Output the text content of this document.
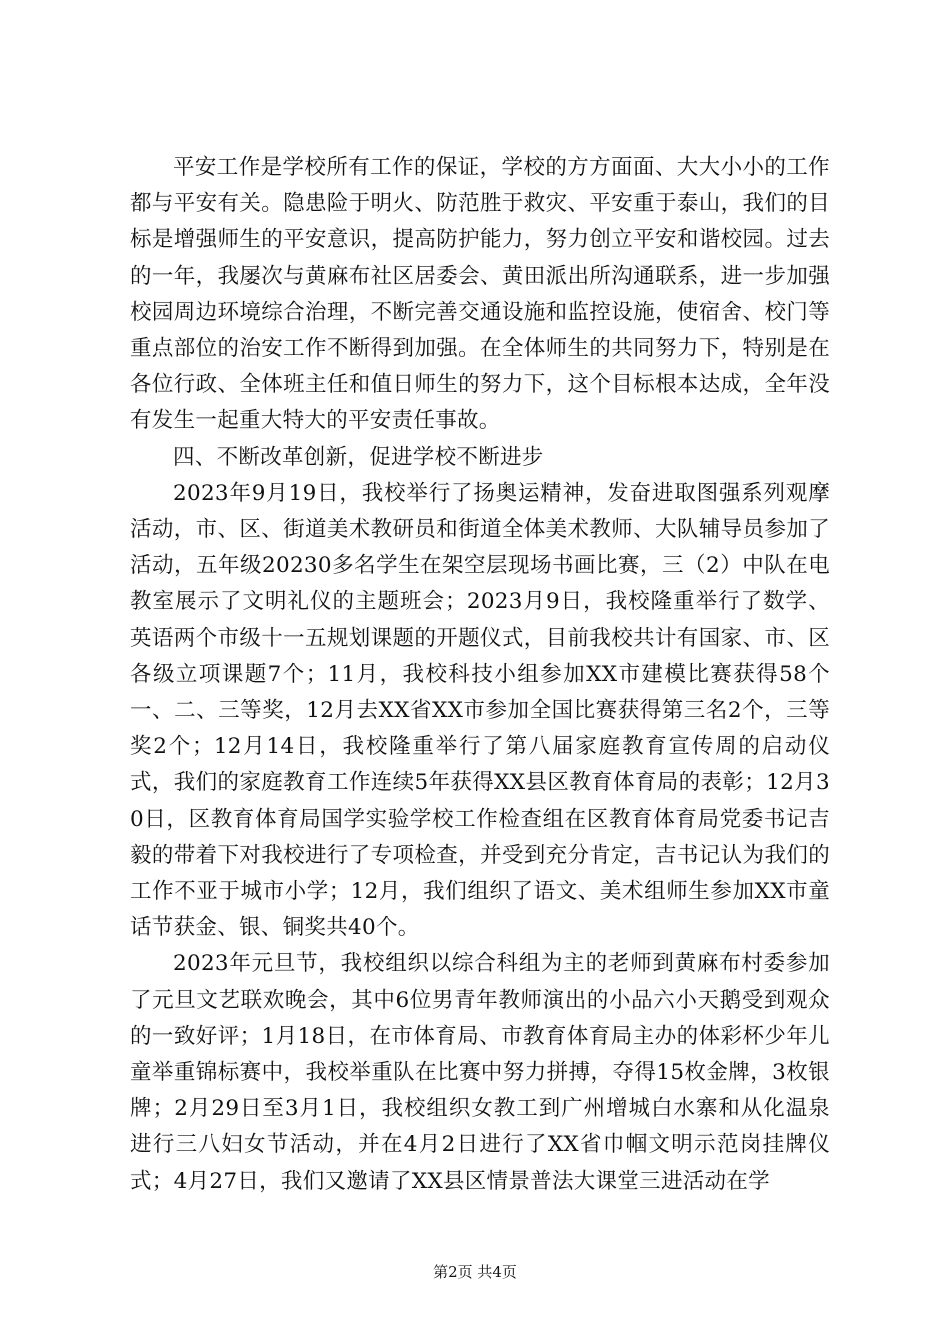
平安工作是学校所有工作的保证，学校的方方面面、大大小小的工作都与平安有关。隐患险于明火、防范胜于救灾、平安重于泰山，我们的目标是增强师生的平安意识，提高防护能力，努力创立平安和谐校园。过去的一年，我屡次与黄麻布社区居委会、黄田派出所沟通联系，进一步加强校园周边环境综合治理，不断完善交通设施和监控设施，使宿舍、校门等重点部位的治安工作不断得到加强。在全体师生的共同努力下，特别是在各位行政、全体班主任和值日师生的努力下，这个目标根本达成，全年没有发生一起重大特大的平安责任事故。

四、不断改革创新，促进学校不断进步

2023年9月19日，我校举行了扬奥运精神，发奋进取图强系列观摩活动，市、区、街道美术教研员和街道全体美术教师、大队辅导员参加了活动，五年级20230多名学生在架空层现场书画比赛，三（2）中队在电教室展示了文明礼仪的主题班会；2023月9日，我校隆重举行了数学、英语两个市级十一五规划课题的开题仪式，目前我校共计有国家、市、区各级立项课题7个；11月，我校科技小组参加XX市建模比赛获得58个一、二、三等奖，12月去XX省XX市参加全国比赛获得第三名2个，三等奖2个；12月14日，我校隆重举行了第八届家庭教育宣传周的启动仪式，我们的家庭教育工作连续5年获得XX县区教育体育局的表彰；12月30日，区教育体育局国学实验学校工作检查组在区教育体育局党委书记吉毅的带着下对我校进行了专项检查，并受到充分肯定，吉书记认为我们的工作不亚于城市小学；12月，我们组织了语文、美术组师生参加XX市童话节获金、银、铜奖共40个。

2023年元旦节，我校组织以综合科组为主的老师到黄麻布村委参加了元旦文艺联欢晚会，其中6位男青年教师演出的小品六小天鹅受到观众的一致好评；1月18日，在市体育局、市教育体育局主办的体彩杯少年儿童举重锦标赛中，我校举重队在比赛中努力拼搏，夺得15枚金牌，3枚银牌；2月29日至3月1日，我校组织女教工到广州增城白水寨和从化温泉进行三八妇女节活动，并在4月2日进行了XX省巾帼文明示范岗挂牌仪式；4月27日，我们又邀请了XX县区情景普法大课堂三进活动在学

第2页 共4页
